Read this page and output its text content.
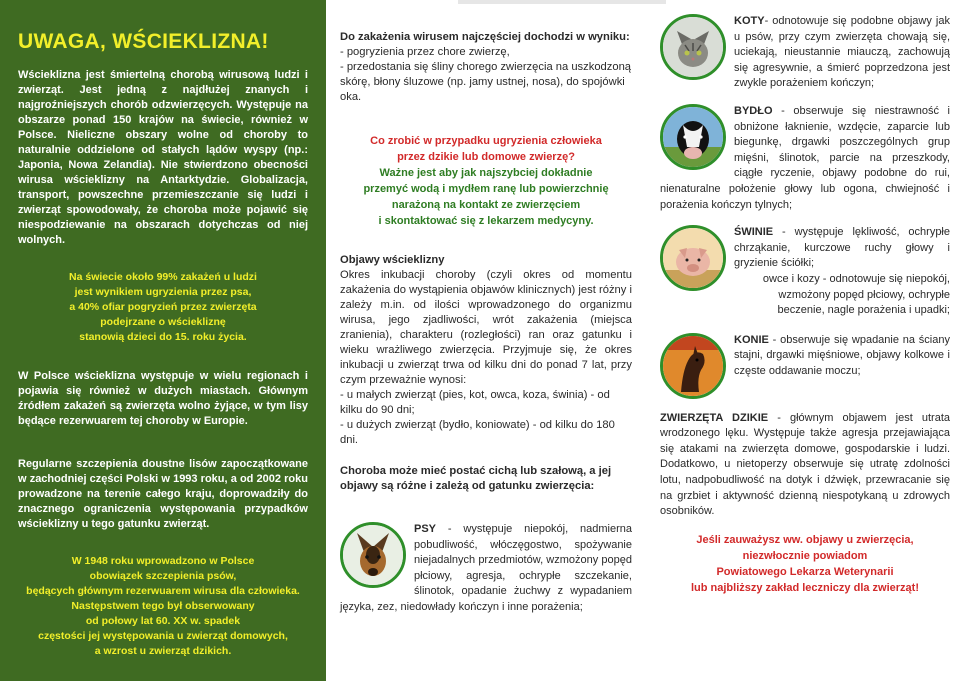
UWAGA, WŚCIEKLIZNA!

Wścieklizna jest śmiertelną chorobą wirusową ludzi i zwierząt. Jest jedną z najdłużej znanych i najgroźniejszych chorób odzwierzęcych. Występuje na obszarze ponad 150 krajów na świecie, również w Polsce. Nieliczne obszary wolne od choroby to naturalnie oddzielone od stałych lądów wyspy (np.: Japonia, Nowa Zelandia). Nie stwierdzono obecności wirusa wścieklizny na Antarktydzie. Globalizacja, transport, powszechne przemieszczanie się ludzi i zwierząt spowodowały, że choroba może pojawić się niespodziewanie na obszarach dotychczas od niej wolnych.

Na świecie około 99% zakażeń u ludzi

jest wynikiem ugryzienia przez psa,

a 40% ofiar pogryzień przez zwierzęta

podejrzane o wściekliznę

stanowią dzieci do 15. roku życia.

W Polsce wścieklizna występuje w wielu regionach i pojawia się również w dużych miastach. Głównym źródłem zakażeń są zwierzęta wolno żyjące, w tym lisy będące rezerwuarem tej choroby w Europie.

Regularne szczepienia doustne lisów zapoczątkowane w zachodniej części Polski w 1993 roku, a od 2002 roku prowadzone na terenie całego kraju, doprowadziły do znacznego ograniczenia występowania przypadków wścieklizny u tego gatunku zwierząt.

W 1948 roku wprowadzono w Polsce

obowiązek szczepienia psów,

będących głównym rezerwuarem wirusa dla człowieka.

Następstwem tego był obserwowany

od połowy lat 60. XX w. spadek

częstości jej występowania u zwierząt domowych,

a wzrost u zwierząt dzikich.

Do zakażenia wirusem najczęściej dochodzi w wyniku:

- pogryzienia przez chore zwierzę,

- przedostania się śliny chorego zwierzęcia na uszkodzoną skórę, błony śluzowe (np. jamy ustnej, nosa), do spojówki oka.

Co zrobić w przypadku ugryzienia człowieka

przez dzikie lub domowe zwierzę?

Ważne jest aby jak najszybciej dokładnie

przemyć wodą i mydłem ranę lub powierzchnię

narażoną na kontakt ze zwierzęciem

i skontaktować się z lekarzem medycyny.

Objawy wścieklizny

Okres inkubacji choroby (czyli okres od momentu zakażenia do wystąpienia objawów klinicznych) jest różny i zależy m.in. od ilości wprowadzonego do organizmu wirusa, jego zjadliwości, wrót zakażenia (miejsca zranienia), charakteru (rozległości) ran oraz gatunku i wieku wrażliwego zwierzęcia. Przyjmuje się, że okres inkubacji u zwierząt trwa od kilku dni do ponad 7 lat, przy czym przeważnie wynosi:

- u małych zwierząt (pies, kot, owca, koza, świnia) - od kilku do 90 dni;

- u dużych zwierząt (bydło, koniowate) - od kilku do 180 dni.

Choroba może mieć postać cichą lub szałową, a jej objawy są różne i zależą od gatunku zwierzęcia:

PSY - występuje niepokój, nadmierna pobudliwość, włóczęgostwo, spożywanie niejadalnych przedmiotów, wzmożony popęd płciowy, agresja, ochrypłe szczekanie, ślinotok, opadanie żuchwy z wypadaniem języka, zez, niedowłady kończyn i inne porażenia;

KOTY- odnotowuje się podobne objawy jak u psów, przy czym zwierzęta chowają się, uciekają, nieustannie miauczą, zachowują się agresywnie, a śmierć poprzedzona jest zwykle porażeniem kończyn;

BYDŁO - obserwuje się niestrawność i obniżone łaknienie, wzdęcie, zaparcie lub biegunkę, drgawki poszczególnych grup mięśni, ślinotok, parcie na przeszkody, ciągłe ryczenie, objawy podobne do rui, nienaturalne położenie głowy lub ogona, chwiejność i porażenia kończyn tylnych;

ŚWINIE - występuje lękliwość, ochrypłe chrząkanie, kurczowe ruchy głowy i gryzienie ściółki;

owce i kozy - odnotowuje się niepokój, wzmożony popęd płciowy, ochrypłe beczenie, nagle porażenia i upadki;

KONIE - obserwuje się wpadanie na ściany stajni, drgawki mięśniowe, objawy kolkowe i częste oddawanie moczu;

ZWIERZĘTA DZIKIE - głównym objawem jest utrata wrodzonego lęku. Występuje także agresja przejawiająca się atakami na zwierzęta domowe, gospodarskie i ludzi. Dodatkowo, u nietoperzy obserwuje się utratę zdolności lotu, nadpobudliwość na dotyk i dźwięk, przewracanie się na grzbiet i aktywność dzienną niespotykaną u zdrowych osobników.

Jeśli zauważysz ww. objawy u zwierzęcia,

niezwłocznie powiadom

Powiatowego Lekarza Weterynarii

lub najbliższy zakład leczniczy dla zwierząt!
